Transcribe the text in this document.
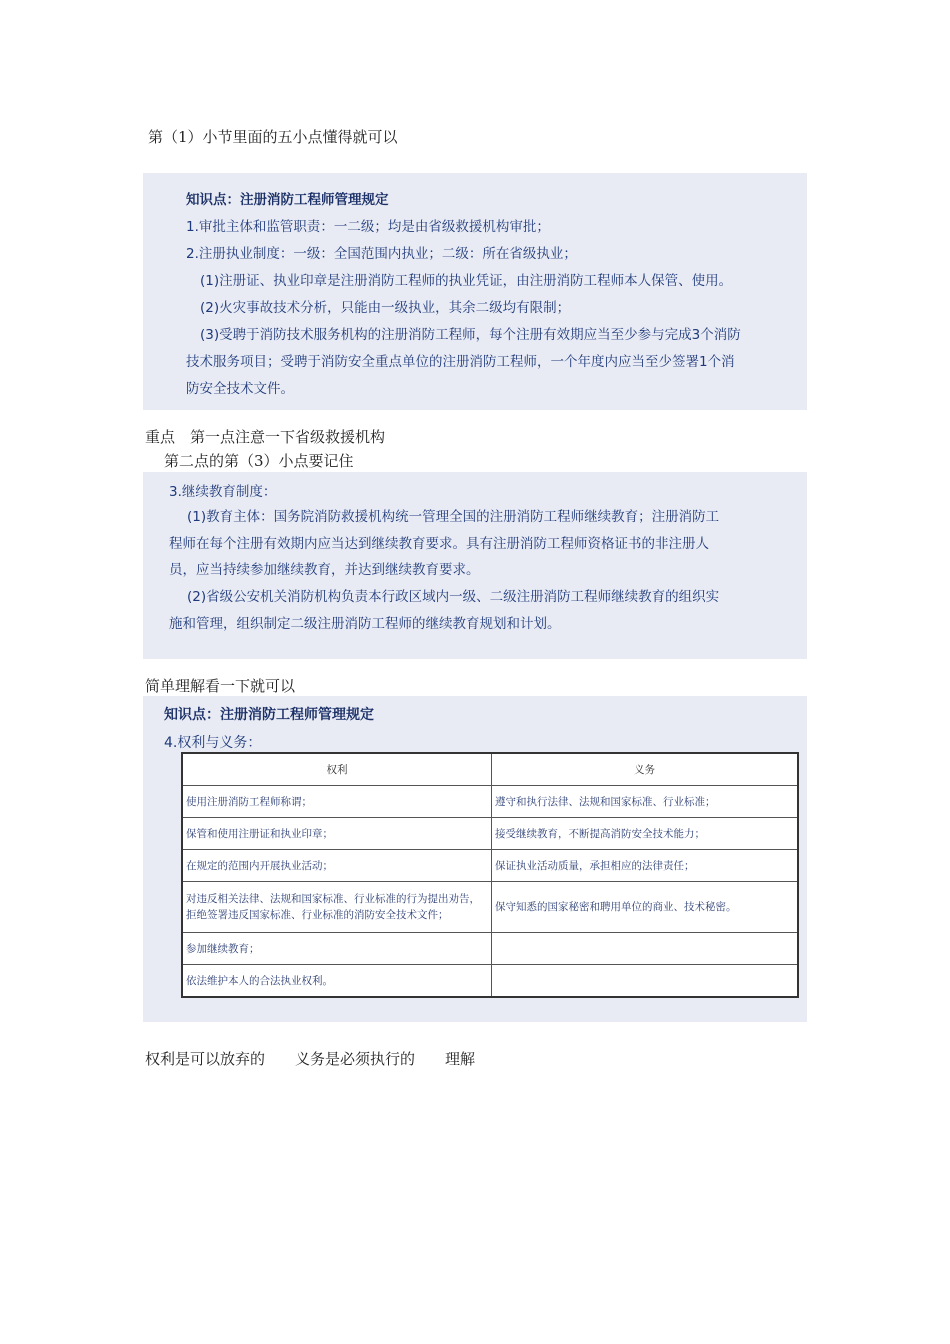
第（1）小节里面的五小点懂得就可以
知识点：注册消防工程师管理规定
1.审批主体和监管职责：一二级；均是由省级救援机构审批；
2.注册执业制度：一级：全国范围内执业；二级：所在省级执业；
(1)注册证、执业印章是注册消防工程师的执业凭证，由注册消防工程师本人保管、使用。
(2)火灾事故技术分析，只能由一级执业，其余二级均有限制；
(3)受聘于消防技术服务机构的注册消防工程师，每个注册有效期应当至少参与完成3个消防
技术服务项目；受聘于消防安全重点单位的注册消防工程师，一个年度内应当至少签署1个消
防安全技术文件。
重点　第一点注意一下省级救援机构
第二点的第（3）小点要记住
3.继续教育制度：
(1)教育主体：国务院消防救援机构统一管理全国的注册消防工程师继续教育；注册消防工
程师在每个注册有效期内应当达到继续教育要求。具有注册消防工程师资格证书的非注册人
员，应当持续参加继续教育，并达到继续教育要求。
(2)省级公安机关消防机构负责本行政区域内一级、二级注册消防工程师继续教育的组织实
施和管理，组织制定二级注册消防工程师的继续教育规划和计划。
简单理解看一下就可以
知识点：注册消防工程师管理规定
4.权利与义务：
权利	义务
使用注册消防工程师称谓；	遵守和执行法律、法规和国家标准、行业标准；
保管和使用注册证和执业印章；	接受继续教育，不断提高消防安全技术能力；
在规定的范围内开展执业活动；	保证执业活动质量，承担相应的法律责任；
对违反相关法律、法规和国家标准、行业标准的行为提出劝告，拒绝签署违反国家标准、行业标准的消防安全技术文件；	保守知悉的国家秘密和聘用单位的商业、技术秘密。
参加继续教育；	
依法维护本人的合法执业权利。	
权利是可以放弃的　　义务是必须执行的　　理解
